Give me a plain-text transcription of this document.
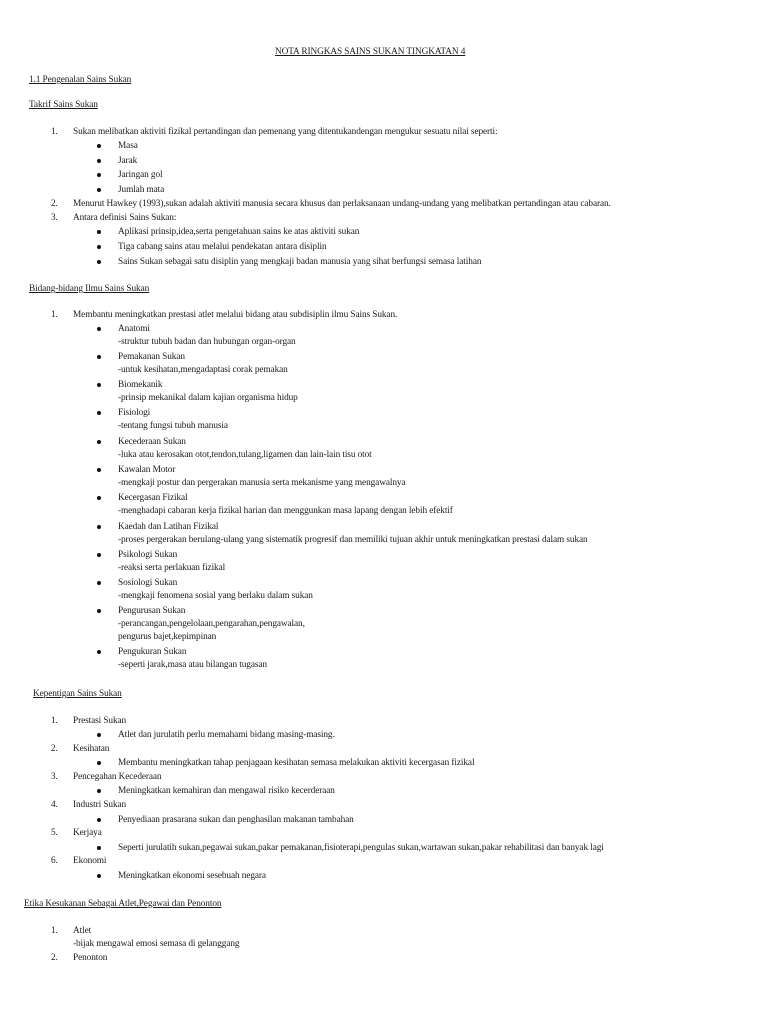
NOTA RINGKAS SAINS SUKAN TINGKATAN 4
1.1 Pengenalan Sains Sukan
Takrif Sains Sukan
1. Sukan melibatkan aktiviti fizikal pertandingan dan pemenang yang ditentukandengan mengukur sesuatu nilai seperti:
Masa
Jarak
Jaringan gol
Jumlah mata
2. Menurut Hawkey (1993),sukan adalah aktiviti manusia secara khusus dan perlaksanaan undang-undang yang melibatkan pertandingan atau cabaran.
3. Antara definisi Sains Sukan:
Aplikasi prinsip,idea,serta pengetahuan sains ke atas aktiviti sukan
Tiga cabang sains atau melalui pendekatan antara disiplin
Sains Sukan sebagai satu disiplin yang mengkaji badan manusia yang sihat berfungsi semasa latihan
Bidang-bidang Ilmu Sains Sukan
1. Membantu meningkatkan prestasi atlet melalui bidang atau subdisiplin ilmu Sains Sukan.
Anatomi
-struktur tubuh badan dan hubungan organ-organ
Pemakanan Sukan
-untuk kesihatan,mengadaptasi corak pemakan
Biomekanik
-prinsip mekanikal dalam kajian organisma hidup
Fisiologi
-tentang fungsi tubuh manusia
Kecederaan Sukan
-luka atau kerosakan otot,tendon,tulang,ligamen dan lain-lain tisu otot
Kawalan Motor
-mengkaji postur dan pergerakan manusia serta mekanisme yang mengawalnya
Kecergasan Fizikal
-menghadapi cabaran kerja fizikal harian dan menggunkan masa lapang dengan lebih efektif
Kaedah dan Latihan Fizikal
-proses pergerakan berulang-ulang yang sistematik progresif dan memiliki tujuan akhir untuk meningkatkan prestasi dalam sukan
Psikologi Sukan
-reaksi serta perlakuan fizikal
Sosiologi Sukan
-mengkaji fenomena sosial yang berlaku dalam sukan
Pengurusan Sukan
-perancangan,pengelolaan,pengarahan,pengawalan,
pengurus bajet,kepimpinan
Pengukuran Sukan
-seperti jarak,masa atau bilangan tugasan
Kepentigan Sains Sukan
1. Prestasi Sukan
Atlet dan jurulatih perlu memahami bidang masing-masing.
2. Kesihatan
Membantu meningkatkan tahap penjagaan kesihatan semasa melakukan aktiviti kecergasan fizikal
3. Pencegahan Kecederaan
Meningkatkan kemahiran dan mengawal risiko kecerderaan
4. Industri Sukan
Penyediaan prasarana sukan dan penghasilan makanan tambahan
5. Kerjaya
Seperti jurulatih sukan,pegawai sukan,pakar pemakanan,fisioterapi,pengulas sukan,wartawan sukan,pakar rehabilitasi dan banyak lagi
6. Ekonomi
Meningkatkan ekonomi sesebuah negara
Etika Kesukanan Sebagai Atlet,Pegawai dan Penonton
1. Atlet
-bijak mengawal emosi semasa di gelanggang
2. Penonton
